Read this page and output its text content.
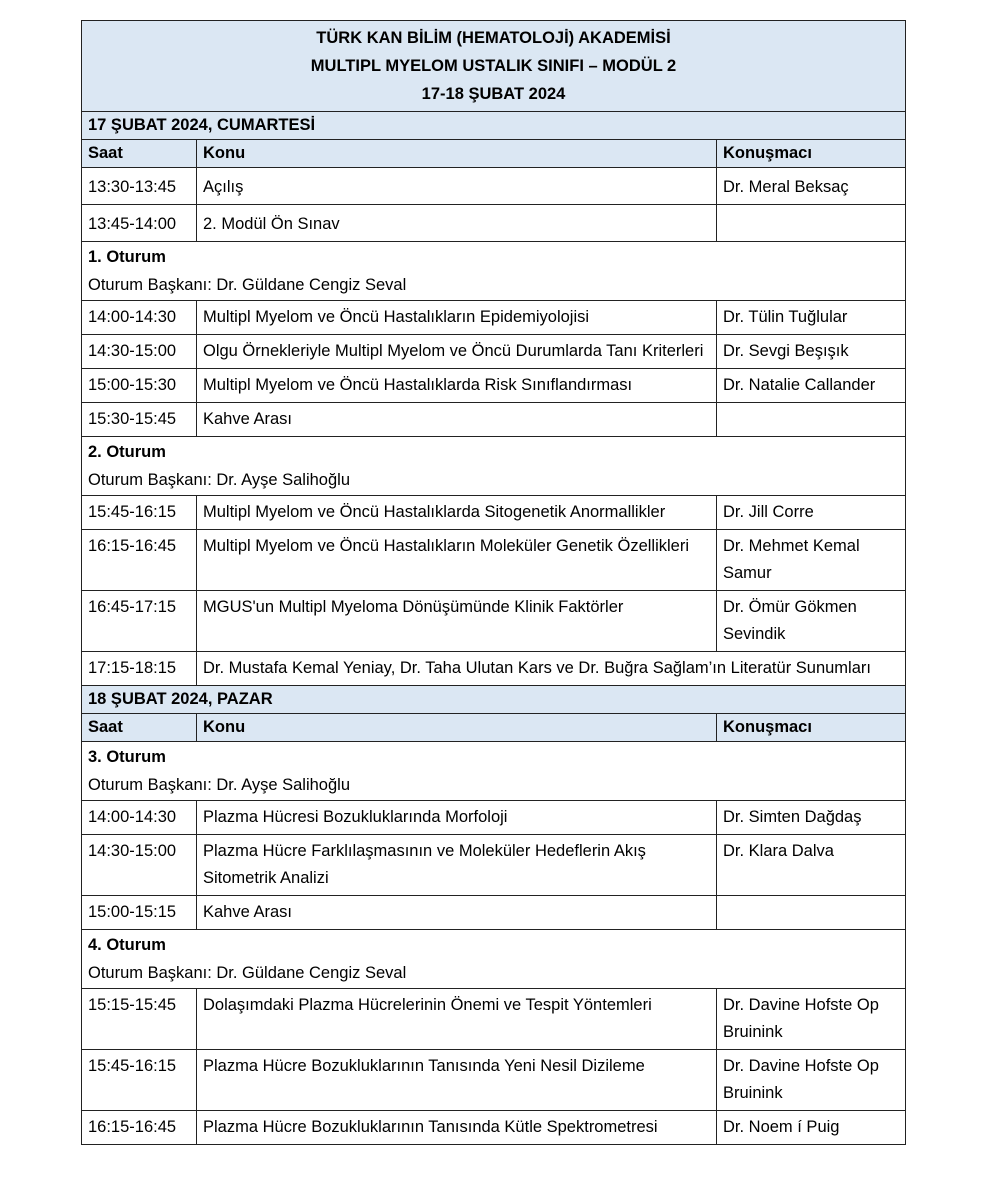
TÜRK KAN BİLİM (HEMATOLOJİ) AKADEMİSİ
MULTIPL MYELOM USTALIK SINIFI – MODÜL 2
17-18 ŞUBAT 2024		

17 ŞUBAT 2024, CUMARTESİ		
Saat	Konu	Konuşmacı
13:30-13:45	Açılış	Dr. Meral Beksaç
13:45-14:00	2. Modül Ön Sınav	

1. Oturum
Oturum Başkanı: Dr. Güldane Cengiz Seval		

14:00-14:30	Multipl Myelom ve Öncü Hastalıkların Epidemiyolojisi	Dr. Tülin Tuğlular
14:30-15:00	Olgu Örnekleriyle Multipl Myelom ve Öncü Durumlarda Tanı Kriterleri	Dr. Sevgi Beşışık
15:00-15:30	Multipl Myelom ve Öncü Hastalıklarda Risk Sınıflandırması	Dr. Natalie Callander
15:30-15:45	Kahve Arası	

2. Oturum
Oturum Başkanı: Dr. Ayşe Salihoğlu		

15:45-16:15	Multipl Myelom ve Öncü Hastalıklarda Sitogenetik Anormallikler	Dr. Jill Corre
16:15-16:45	Multipl Myelom ve Öncü Hastalıkların Moleküler Genetik Özellikleri	Dr. Mehmet Kemal Samur
16:45-17:15	MGUS'un Multipl Myeloma Dönüşümünde Klinik Faktörler	Dr. Ömür Gökmen Sevindik
17:15-18:15	Dr. Mustafa Kemal Yeniay, Dr. Taha Ulutan Kars ve Dr. Buğra Sağlam’ın Literatür Sunumları	
18 ŞUBAT 2024, PAZAR		
Saat	Konu	Konuşmacı

3. Oturum
Oturum Başkanı: Dr. Ayşe Salihoğlu		

14:00-14:30	Plazma Hücresi Bozukluklarında Morfoloji	Dr. Simten Dağdaş
14:30-15:00	Plazma Hücre Farklılaşmasının ve Moleküler Hedeflerin Akış Sitometrik Analizi	Dr. Klara Dalva
15:00-15:15	Kahve Arası	

4. Oturum
Oturum Başkanı: Dr. Güldane Cengiz Seval		

15:15-15:45	Dolaşımdaki Plazma Hücrelerinin Önemi ve Tespit Yöntemleri	Dr. Davine Hofste Op Bruinink
15:45-16:15	Plazma Hücre Bozukluklarının Tanısında Yeni Nesil Dizileme	Dr. Davine Hofste Op Bruinink
16:15-16:45	Plazma Hücre Bozukluklarının Tanısında Kütle Spektrometresi	Dr. Noem í Puig
